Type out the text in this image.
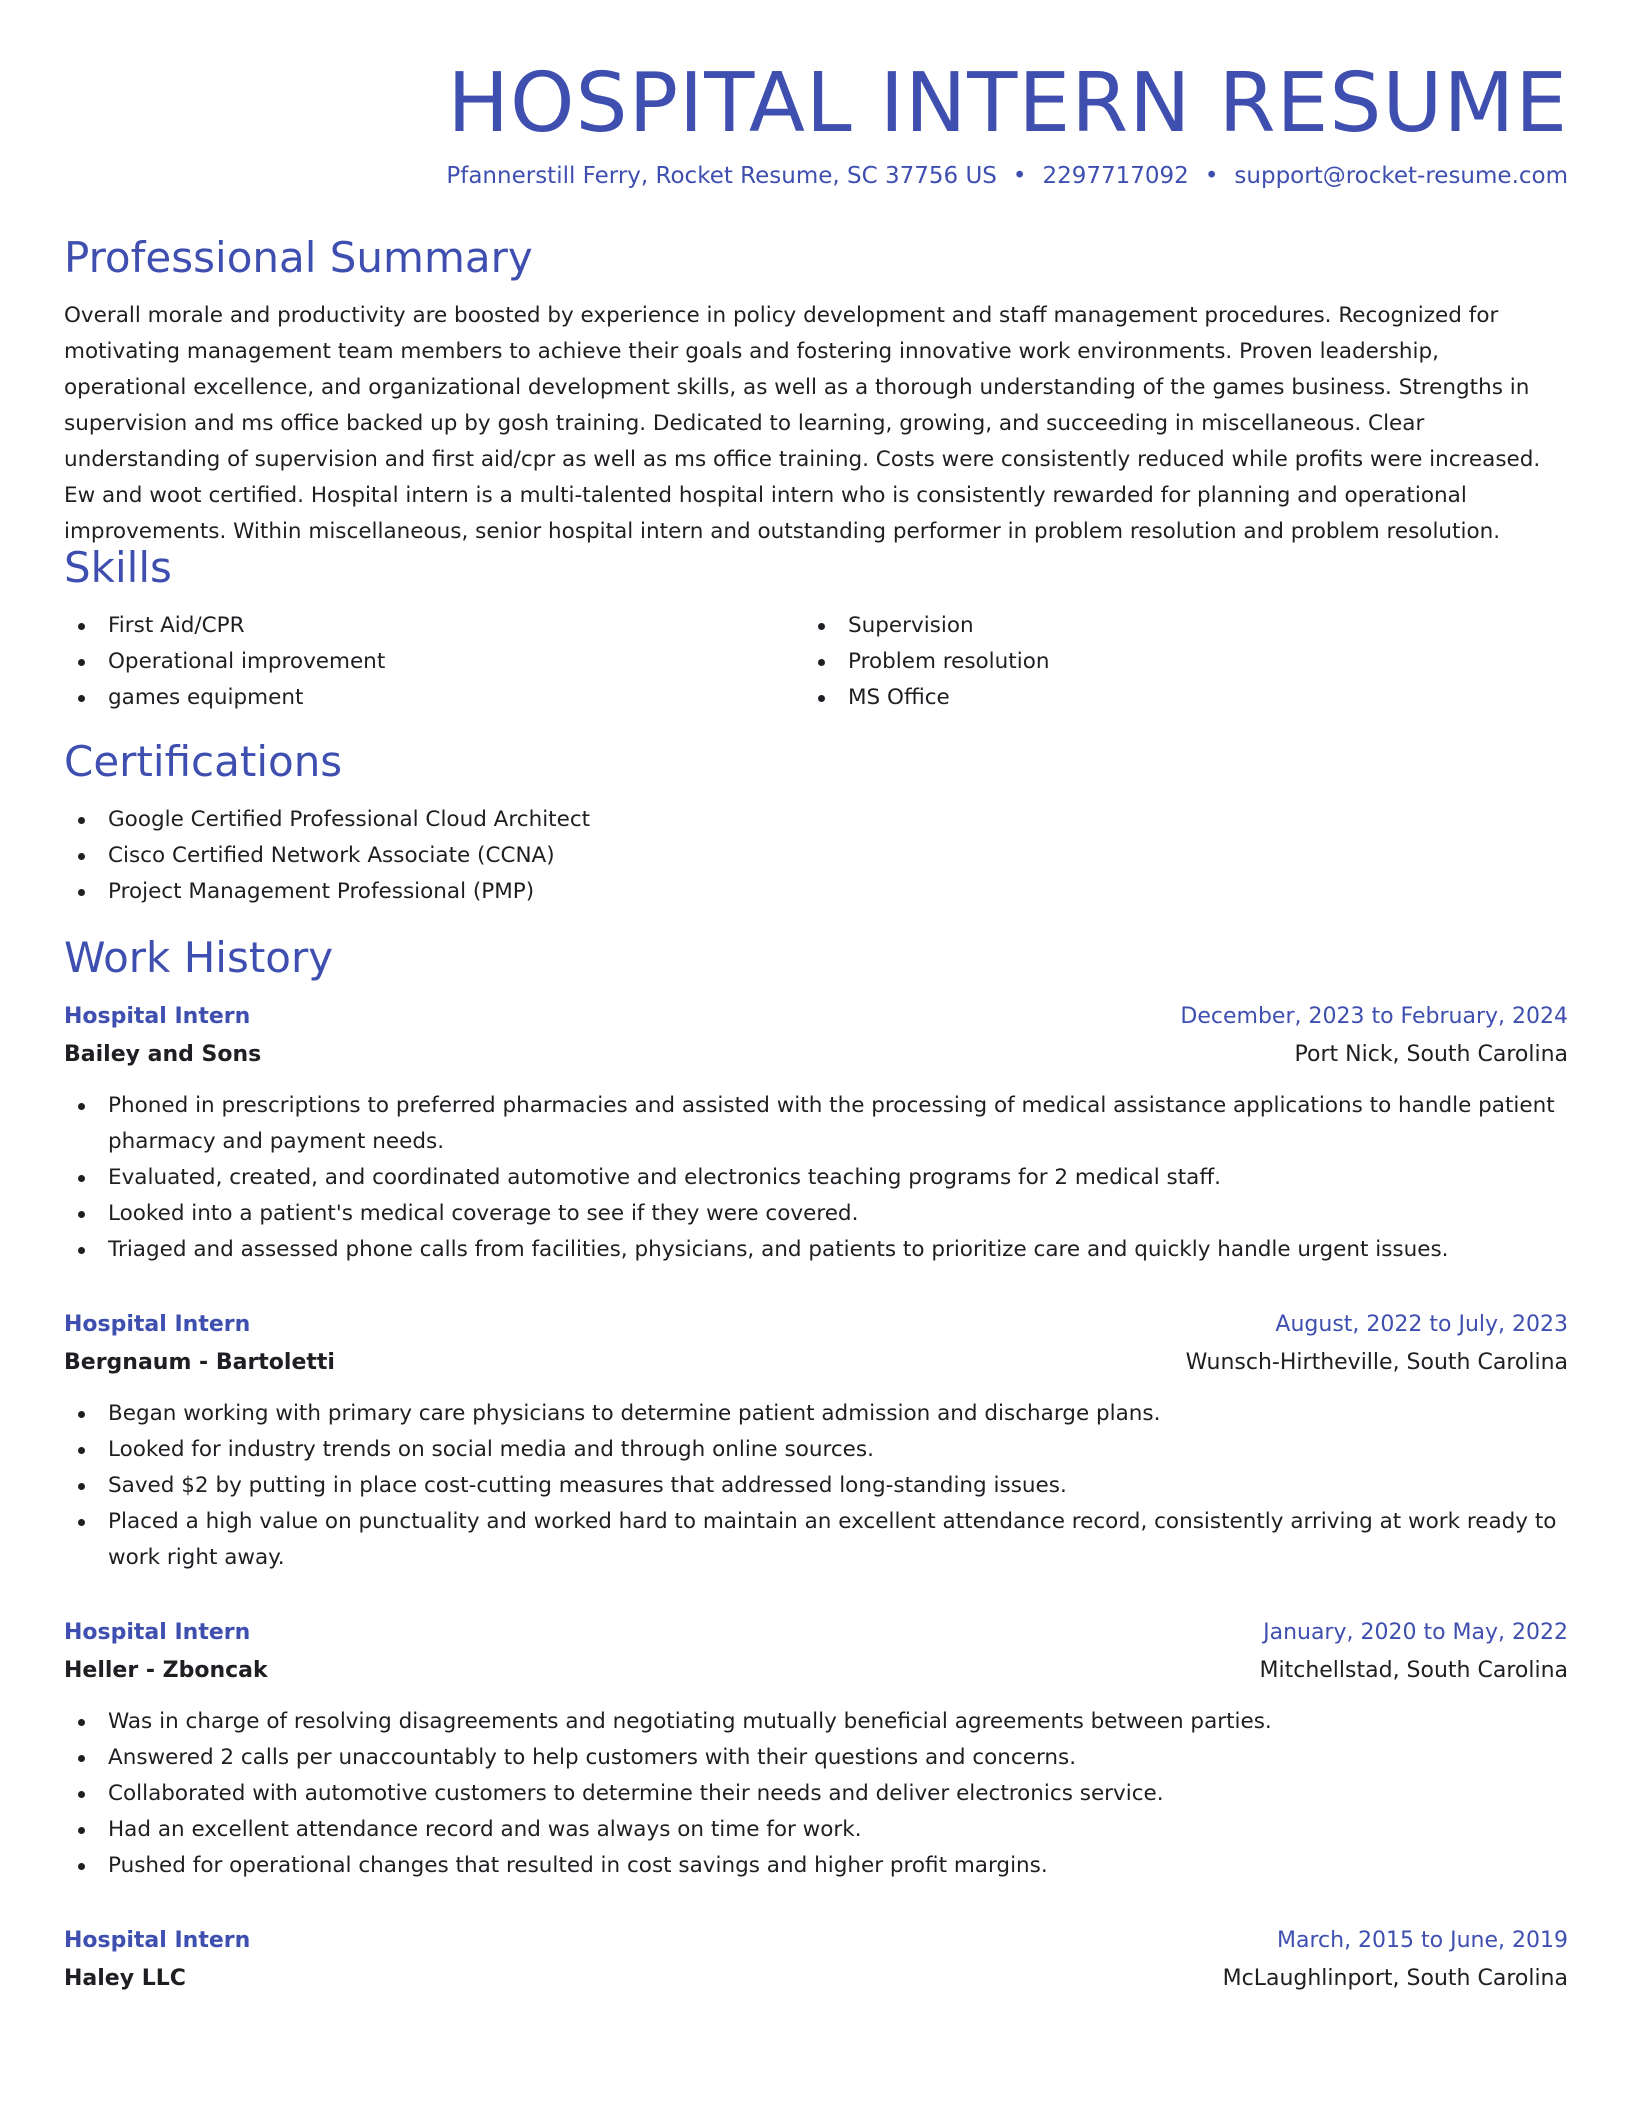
HOSPITAL INTERN RESUME
Pfannerstill Ferry, Rocket Resume, SC 37756 US • 2297717092 • support@rocket-resume.com
Professional Summary

Overall morale and productivity are boosted by experience in policy development and staff management procedures. Recognized for motivating management team members to achieve their goals and fostering innovative work environments. Proven leadership, operational excellence, and organizational development skills, as well as a thorough understanding of the games business. Strengths in supervision and ms office backed up by gosh training. Dedicated to learning, growing, and succeeding in miscellaneous. Clear understanding of supervision and first aid/cpr as well as ms office training. Costs were consistently reduced while profits were increased. Ew and woot certified. Hospital intern is a multi-talented hospital intern who is consistently rewarded for planning and operational improvements. Within miscellaneous, senior hospital intern and outstanding performer in problem resolution and problem resolution.

Skills
First Aid/CPR
Operational improvement
games equipment
Supervision
Problem resolution
MS Office
Certifications
Google Certified Professional Cloud Architect
Cisco Certified Network Associate (CCNA)
Project Management Professional (PMP)
Work History
Hospital Intern	December, 2023 to February, 2024
Bailey and Sons	Port Nick, South Carolina
Phoned in prescriptions to preferred pharmacies and assisted with the processing of medical assistance applications to handle patient pharmacy and payment needs.
Evaluated, created, and coordinated automotive and electronics teaching programs for 2 medical staff.
Looked into a patient's medical coverage to see if they were covered.
Triaged and assessed phone calls from facilities, physicians, and patients to prioritize care and quickly handle urgent issues.
Hospital Intern	August, 2022 to July, 2023
Bergnaum - Bartoletti	Wunsch-Hirtheville, South Carolina
Began working with primary care physicians to determine patient admission and discharge plans.
Looked for industry trends on social media and through online sources.
Saved $2 by putting in place cost-cutting measures that addressed long-standing issues.
Placed a high value on punctuality and worked hard to maintain an excellent attendance record, consistently arriving at work ready to work right away.
Hospital Intern	January, 2020 to May, 2022
Heller - Zboncak	Mitchellstad, South Carolina
Was in charge of resolving disagreements and negotiating mutually beneficial agreements between parties.
Answered 2 calls per unaccountably to help customers with their questions and concerns.
Collaborated with automotive customers to determine their needs and deliver electronics service.
Had an excellent attendance record and was always on time for work.
Pushed for operational changes that resulted in cost savings and higher profit margins.
Hospital Intern	March, 2015 to June, 2019
Haley LLC	McLaughlinport, South Carolina
